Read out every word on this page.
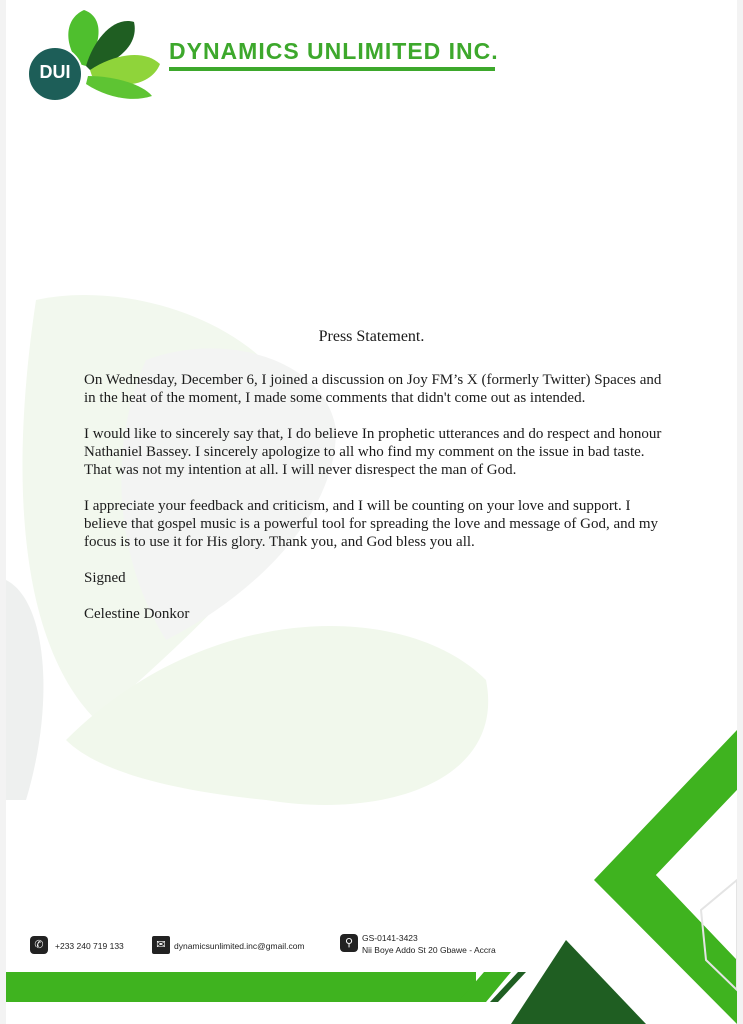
DUI
DYNAMICS UNLIMITED INC.
Press Statement.

On Wednesday, December 6, I joined a discussion on Joy FM’s X (formerly Twitter) Spaces and in the heat of the moment, I made some comments that didn't come out as intended.

I would like to sincerely say that, I do believe In prophetic utterances and do respect and honour Nathaniel Bassey. I sincerely apologize to all who find my comment on the issue in bad taste. That was not my intention at all. I will never disrespect the man of God.

I appreciate your feedback and criticism, and I will be counting on your love and support. I believe that gospel music is a powerful tool for spreading the love and message of God, and my focus is to use it for His glory. Thank you, and God bless you all.

Signed

Celestine Donkor

✆	+233 240 719 133	✉ dynamicsunlimited.inc@gmail.com	⚲	GS-0141-3423
Nii Boye Addo St 20 Gbawe - Accra
